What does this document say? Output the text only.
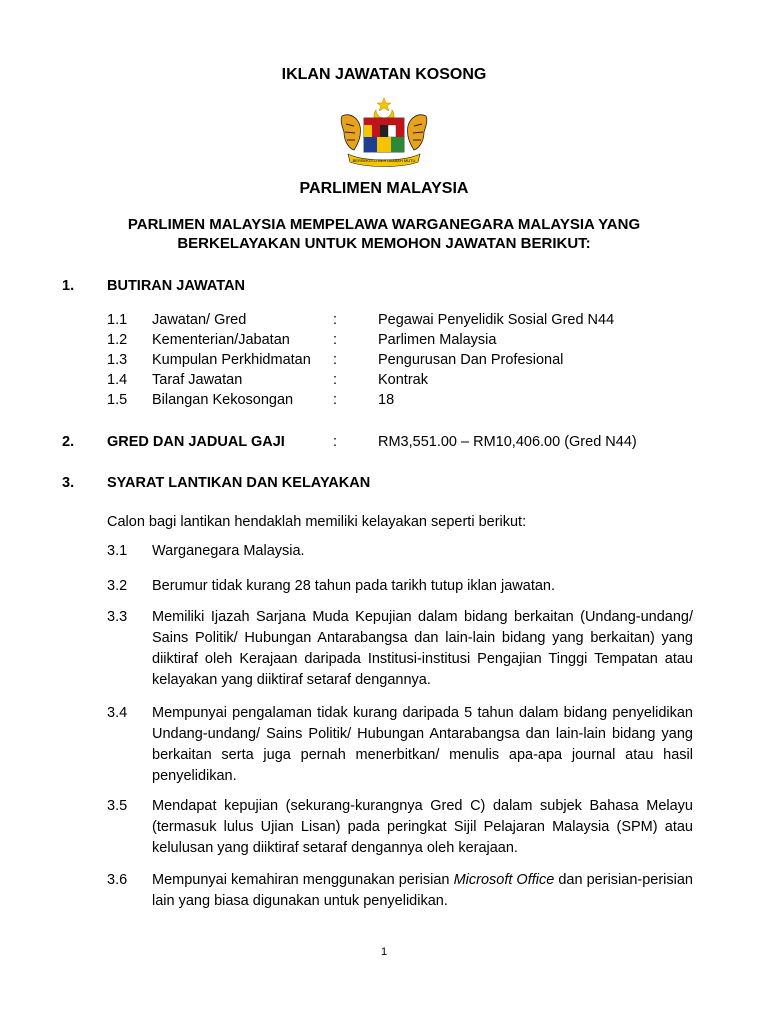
IKLAN JAWATAN KOSONG
BERSEKUTU BERTAMBAH MUTU
PARLIMEN MALAYSIA
PARLIMEN MALAYSIA MEMPELAWA WARGANEGARA MALAYSIA YANG
BERKELAYAKAN UNTUK MEMOHON JAWATAN BERIKUT:
1. BUTIRAN JAWATAN
1.1 Jawatan/ Gred	:	Pegawai Penyelidik Sosial Gred N44
1.2 Kementerian/Jabatan	:	Parlimen Malaysia
1.3 Kumpulan Perkhidmatan :	Pengurusan Dan Profesional
1.4 Taraf Jawatan	:	Kontrak
1.5 Bilangan Kekosongan	:	18
2. GRED DAN JADUAL GAJI	:	RM3,551.00 – RM10,406.00 (Gred N44)
3. SYARAT LANTIKAN DAN KELAYAKAN
Calon bagi lantikan hendaklah memiliki kelayakan seperti berikut:
3.1 Warganegara Malaysia.
3.2 Berumur tidak kurang 28 tahun pada tarikh tutup iklan jawatan.
3.3 Memiliki Ijazah Sarjana Muda Kepujian dalam bidang berkaitan (Undang-undang/ Sains Politik/ Hubungan Antarabangsa dan lain-lain bidang yang berkaitan) yang diiktiraf oleh Kerajaan daripada Institusi-institusi Pengajian Tinggi Tempatan atau kelayakan yang diiktiraf setaraf dengannya.
3.4 Mempunyai pengalaman tidak kurang daripada 5 tahun dalam bidang penyelidikan Undang-undang/ Sains Politik/ Hubungan Antarabangsa dan lain-lain bidang yang berkaitan serta juga pernah menerbitkan/ menulis apa-apa journal atau hasil penyelidikan.
3.5 Mendapat kepujian (sekurang-kurangnya Gred C) dalam subjek Bahasa Melayu (termasuk lulus Ujian Lisan) pada peringkat Sijil Pelajaran Malaysia (SPM) atau kelulusan yang diiktiraf setaraf dengannya oleh kerajaan.
3.6 Mempunyai kemahiran menggunakan perisian Microsoft Office dan perisian-perisian lain yang biasa digunakan untuk penyelidikan.
1
